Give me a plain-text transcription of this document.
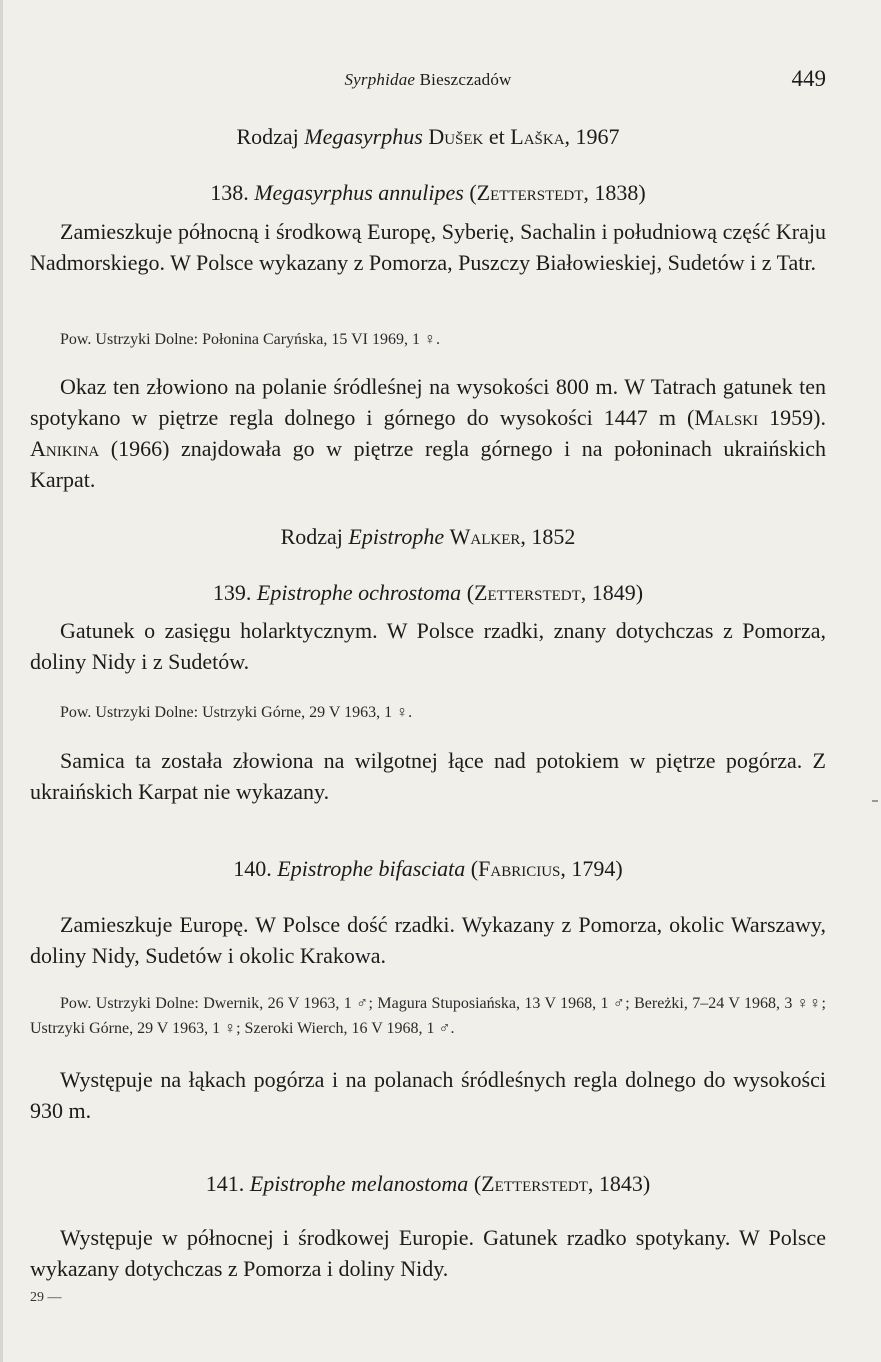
Syrphidae Bieszczadów	449
Rodzaj Megasyrphus Dušek et Laška, 1967
138. Megasyrphus annulipes (Zetterstedt, 1838)
Zamieszkuje północną i środkową Europę, Syberię, Sachalin i południową część Kraju Nadmorskiego. W Polsce wykazany z Pomorza, Puszczy Białowieskiej, Sudetów i z Tatr.
Pow. Ustrzyki Dolne: Połonina Caryńska, 15 VI 1969, 1 ♀.
Okaz ten złowiono na polanie śródleśnej na wysokości 800 m. W Tatrach gatunek ten spotykano w piętrze regla dolnego i górnego do wysokości 1447 m (Malski 1959). Anikina (1966) znajdowała go w piętrze regla górnego i na połoninach ukraińskich Karpat.
Rodzaj Epistrophe Walker, 1852
139. Epistrophe ochrostoma (Zetterstedt, 1849)
Gatunek o zasięgu holarktycznym. W Polsce rzadki, znany dotychczas z Pomorza, doliny Nidy i z Sudetów.
Pow. Ustrzyki Dolne: Ustrzyki Górne, 29 V 1963, 1 ♀.
Samica ta została złowiona na wilgotnej łące nad potokiem w piętrze pogórza. Z ukraińskich Karpat nie wykazany.
140. Epistrophe bifasciata (Fabricius, 1794)
Zamieszkuje Europę. W Polsce dość rzadki. Wykazany z Pomorza, okolic Warszawy, doliny Nidy, Sudetów i okolic Krakowa.
Pow. Ustrzyki Dolne: Dwernik, 26 V 1963, 1 ♂; Magura Stuposiańska, 13 V 1968, 1 ♂; Bereżki, 7–24 V 1968, 3 ♀♀; Ustrzyki Górne, 29 V 1963, 1 ♀; Szeroki Wierch, 16 V 1968, 1 ♂.
Występuje na łąkach pogórza i na polanach śródleśnych regla dolnego do wysokości 930 m.
141. Epistrophe melanostoma (Zetterstedt, 1843)
Występuje w północnej i środkowej Europie. Gatunek rzadko spotykany. W Polsce wykazany dotychczas z Pomorza i doliny Nidy.
29 —
